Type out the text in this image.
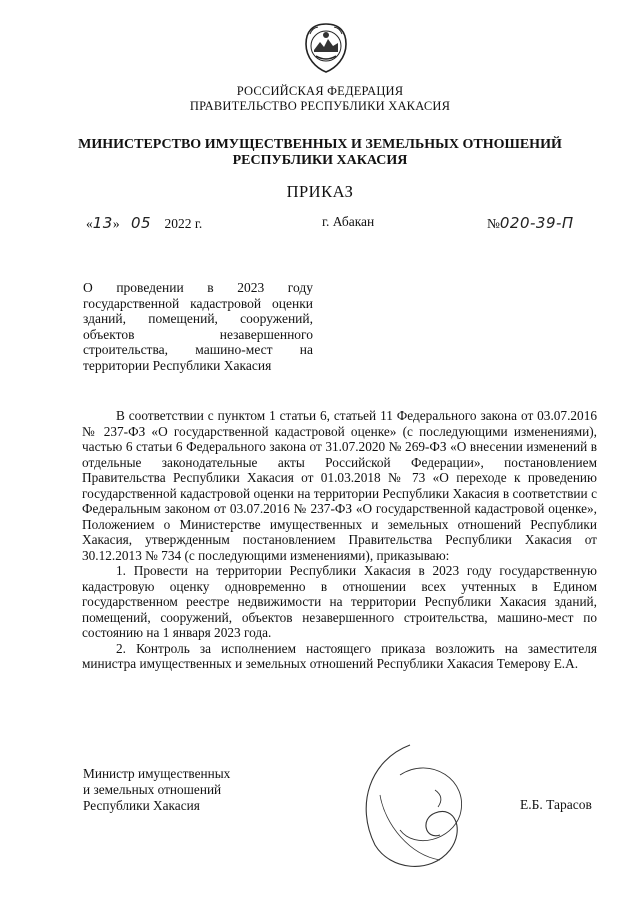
РОССИЙСКАЯ ФЕДЕРАЦИЯ
ПРАВИТЕЛЬСТВО РЕСПУБЛИКИ ХАКАСИЯ
МИНИСТЕРСТВО ИМУЩЕСТВЕННЫХ И ЗЕМЕЛЬНЫХ ОТНОШЕНИЙ
РЕСПУБЛИКИ ХАКАСИЯ
ПРИКАЗ
«13» 05 2022 г.	г. Абакан	№020-39-П
О проведении в 2023 году государственной кадастровой оценки зданий, помещений, сооружений, объектов незавершенного строительства, машино-мест на территории Республики Хакасия

В соответствии с пунктом 1 статьи 6, статьей 11 Федерального закона от 03.07.2016 № 237-ФЗ «О государственной кадастровой оценке» (с последующими изменениями), частью 6 статьи 6 Федерального закона от 31.07.2020 № 269-ФЗ «О внесении изменений в отдельные законодательные акты Российской Федерации», постановлением Правительства Республики Хакасия от 01.03.2018 № 73 «О переходе к проведению государственной кадастровой оценки на территории Республики Хакасия в соответствии с Федеральным законом от 03.07.2016 № 237-ФЗ «О государственной кадастровой оценке», Положением о Министерстве имущественных и земельных отношений Республики Хакасия, утвержденным постановлением Правительства Республики Хакасия от 30.12.2013 № 734 (с последующими изменениями), приказываю:

1. Провести на территории Республики Хакасия в 2023 году государственную кадастровую оценку одновременно в отношении всех учтенных в Едином государственном реестре недвижимости на территории Республики Хакасия зданий, помещений, сооружений, объектов незавершенного строительства, машино-мест по состоянию на 1 января 2023 года.

2. Контроль за исполнением настоящего приказа возложить на заместителя министра имущественных и земельных отношений Республики Хакасия Темерову Е.А.

Министр имущественных
и земельных отношений
Республики Хакасия	Е.Б. Тарасов
